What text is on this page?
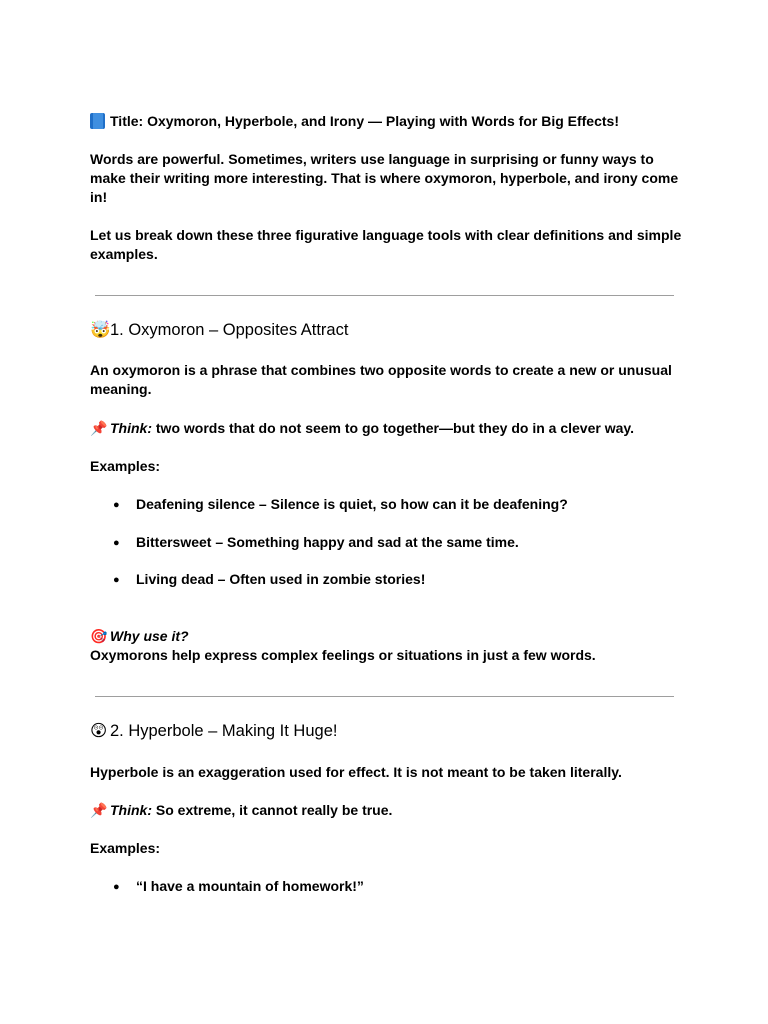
Title: Oxymoron, Hyperbole, and Irony — Playing with Words for Big Effects!
Words are powerful. Sometimes, writers use language in surprising or funny ways to make their writing more interesting. That is where oxymoron, hyperbole, and irony come in!
Let us break down these three figurative language tools with clear definitions and simple examples.
🤯1. Oxymoron – Opposites Attract
An oxymoron is a phrase that combines two opposite words to create a new or unusual meaning.
📌 Think: two words that do not seem to go together—but they do in a clever way.
Examples:
● Deafening silence – Silence is quiet, so how can it be deafening?
● Bittersweet – Something happy and sad at the same time.
● Living dead – Often used in zombie stories!
🎯 Why use it?
Oxymorons help express complex feelings or situations in just a few words.
😲 2. Hyperbole – Making It Huge!
Hyperbole is an exaggeration used for effect. It is not meant to be taken literally.
📌 Think: So extreme, it cannot really be true.
Examples:
● “I have a mountain of homework!”
